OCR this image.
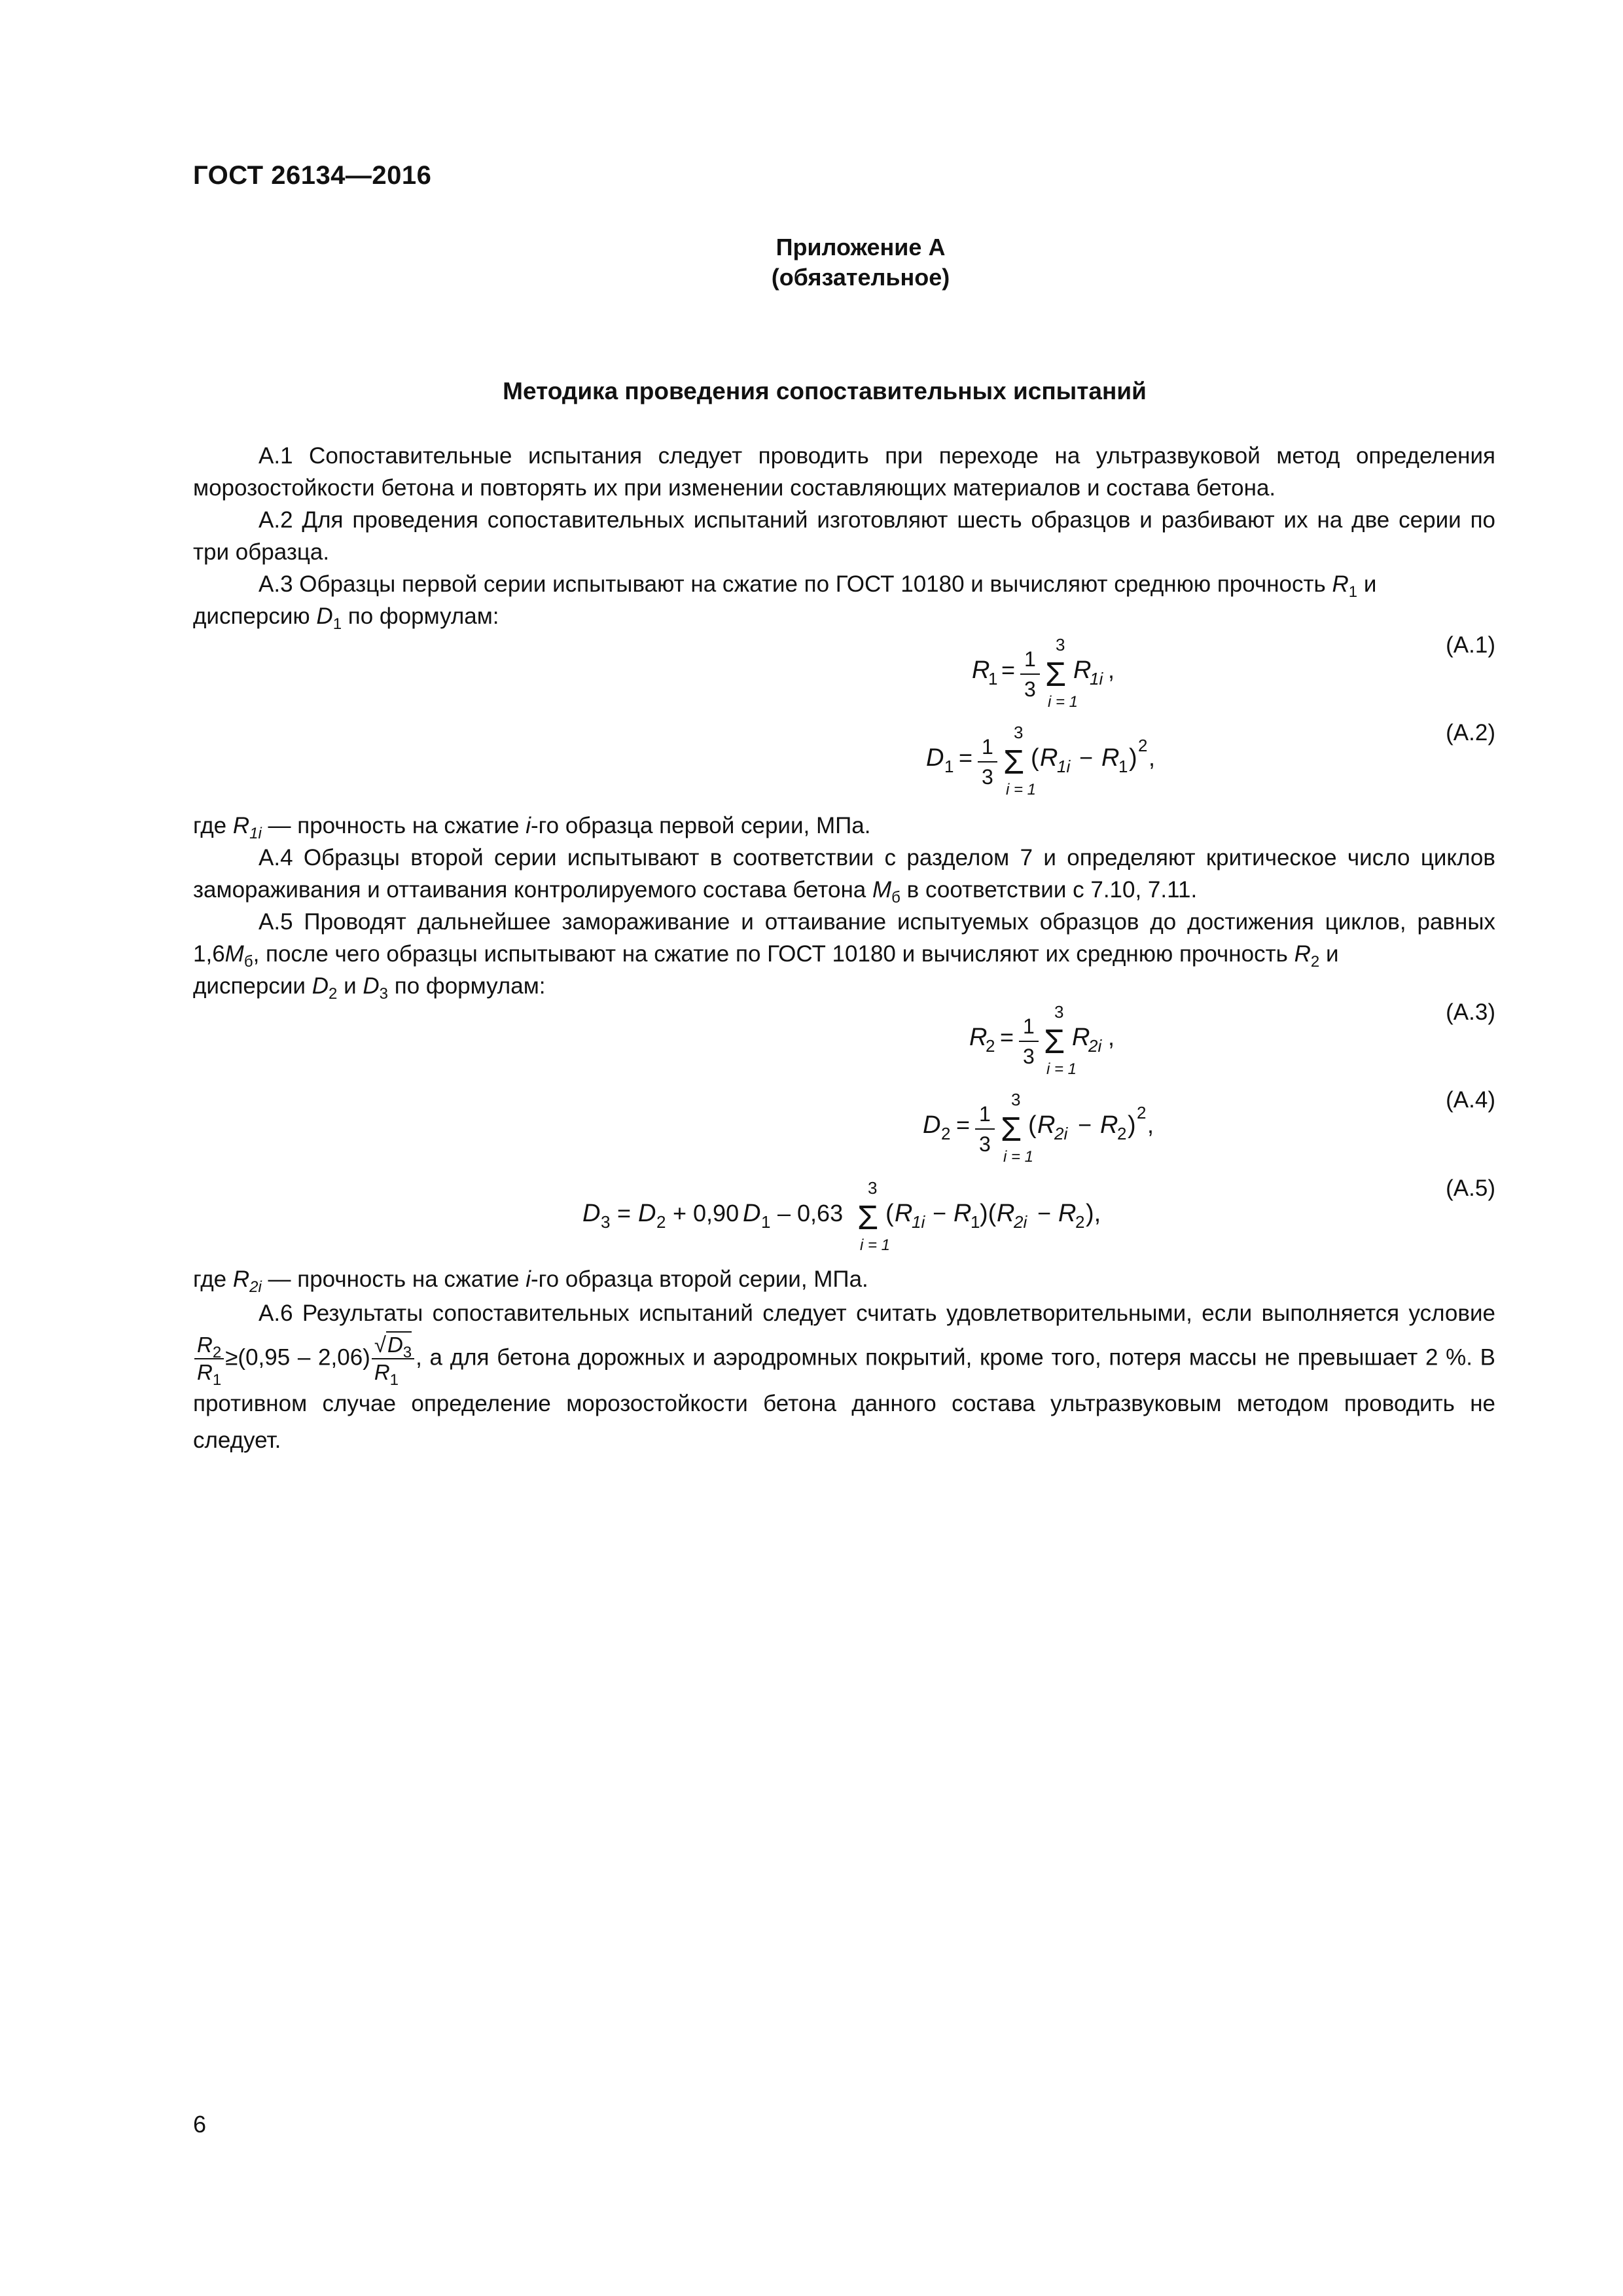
ГОСТ 26134—2016
Приложение А
(обязательное)
Методика проведения сопоставительных испытаний
А.1 Сопоставительные испытания следует проводить при переходе на ультразвуковой метод определения морозостойкости бетона и повторять их при изменении составляющих материалов и состава бетона.
А.2 Для проведения сопоставительных испытаний изготовляют шесть образцов и разбивают их на две серии по три образца.
А.3 Образцы первой серии испытывают на сжатие по ГОСТ 10180 и вычисляют среднюю прочность $R_1$ и
дисперсию $D_1$ по формулам:
R
1 = 1
3
3
Σ
i = 1
R
1i ,
(А.1)
D 1 = 1
3
3
Σ
i = 1
( R
1i − R
1 ) 2 ,
(А.2)
где $R_{1i}$ — прочность на сжатие i-го образца первой серии, МПа.
А.4 Образцы второй серии испытывают в соответствии с разделом 7 и определяют критическое число циклов замораживания и оттаивания контролируемого состава бетона $M_б$ в соответствии с 7.10, 7.11.
А.5 Проводят дальнейшее замораживание и оттаивание испытуемых образцов до достижения циклов, равных $1,6M_б$, после чего образцы испытывают на сжатие по ГОСТ 10180 и вычисляют их среднюю прочность $R_2$ и
дисперсии $D_2$ и $D_3$ по формулам:
R
2 = 1
3
3
Σ
i = 1
R
2i ,
(А.3)
D 2 = 1
3
3
Σ
i = 1
( R
2i − R
2 ) 2 ,
(А.4)
D 3 = D 2 + 0,90 D 1 – 0,63
3
Σ
i = 1
( R
1i − R
1 )( R
2i − R
2 ),
(А.5)
где $R_{2i}$ — прочность на сжатие i-го образца второй серии, МПа.
А.6 Результаты сопоставительных испытаний следует считать удовлетворительными, если выполняется условие
$\frac{R_2}{R_1} \ge(0,95 - 2,06) \frac{√D_3}{R_1}$ , а для бетона дорожных и аэродромных покрытий, кроме того, потеря массы не превышает 2 %. В противном случае определение морозостойкости бетона данного состава ультразвуковым методом проводить не следует.
6
